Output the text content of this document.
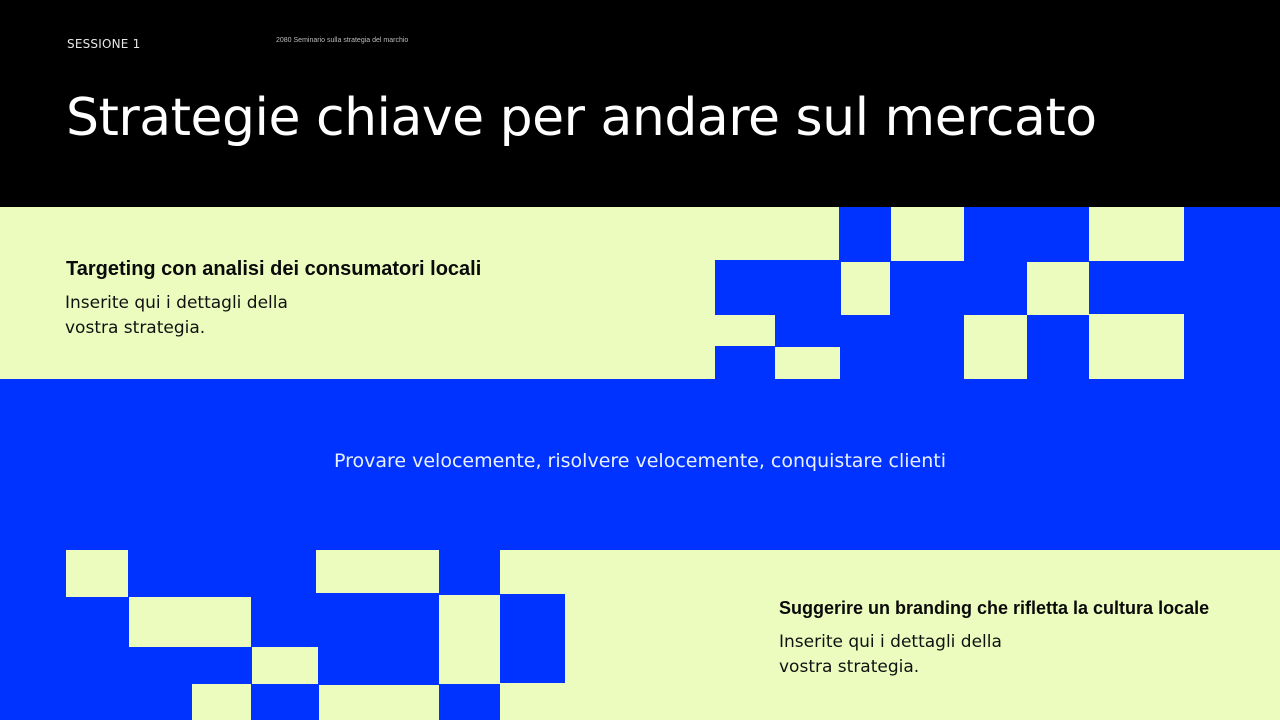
SESSIONE 1	2080 Seminario sulla strategia del marchio
Strategie chiave per andare sul mercato
Targeting con analisi dei consumatori locali
Inserite qui i dettagli della
vostra strategia.
Provare velocemente, risolvere velocemente, conquistare clienti
Suggerire un branding che rifletta la cultura locale
Inserite qui i dettagli della
vostra strategia.
